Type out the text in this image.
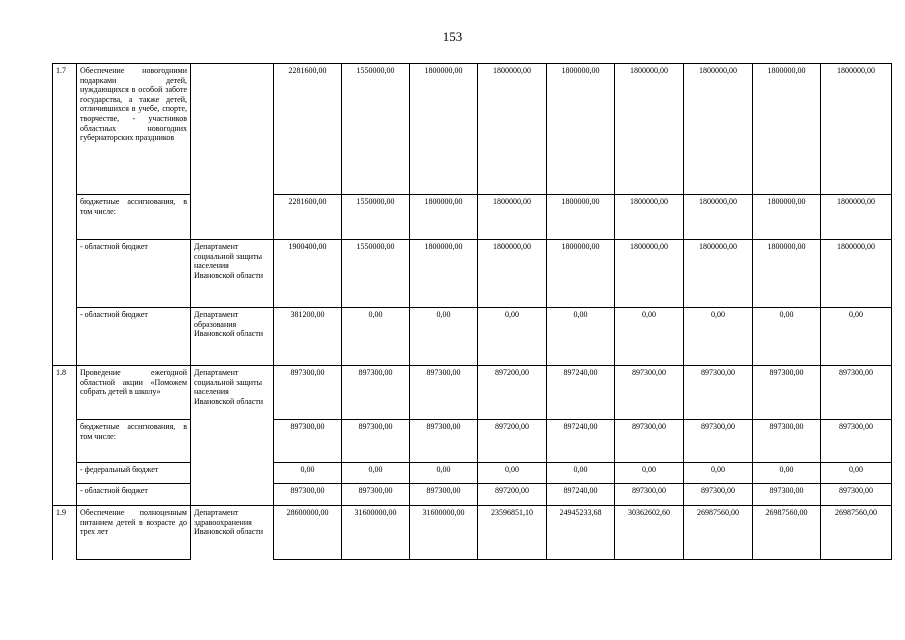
153
1.7	Обеспечение новогодними подарками детей, нуждающихся в особой заботе государства, а также детей, отличившихся в учебе, спорте, творчестве, - участников областных новогодних губернаторских праздников		2281600,00	1550000,00	1800000,00	1800000,00	1800000,00	1800000,00	1800000,00	1800000,00	1800000,00
	бюджетные ассигнования, в том числе:		2281600,00	1550000,00	1800000,00	1800000,00	1800000,00	1800000,00	1800000,00	1800000,00	1800000,00
	- областной бюджет	Департамент социальной защиты населения Ивановской области	1900400,00	1550000,00	1800000,00	1800000,00	1800000,00	1800000,00	1800000,00	1800000,00	1800000,00
	- областной бюджет	Департамент образования Ивановской области	381200,00	0,00	0,00	0,00	0,00	0,00	0,00	0,00	0,00
1.8	Проведение ежегодной областной акции «Поможем собрать детей в школу»	Департамент социальной защиты населения Ивановской области	897300,00	897300,00	897300,00	897200,00	897240,00	897300,00	897300,00	897300,00	897300,00
	бюджетные ассигнования, в том числе:		897300,00	897300,00	897300,00	897200,00	897240,00	897300,00	897300,00	897300,00	897300,00
	- федеральный бюджет		0,00	0,00	0,00	0,00	0,00	0,00	0,00	0,00	0,00
	- областной бюджет		897300,00	897300,00	897300,00	897200,00	897240,00	897300,00	897300,00	897300,00	897300,00
1.9	Обеспечение полноценным питанием детей в возрасте до трех лет	Департамент здравоохранения Ивановской области	28600000,00	31600000,00	31600000,00	23596851,10	24945233,68	30362602,60	26987560,00	26987560,00	26987560,00
